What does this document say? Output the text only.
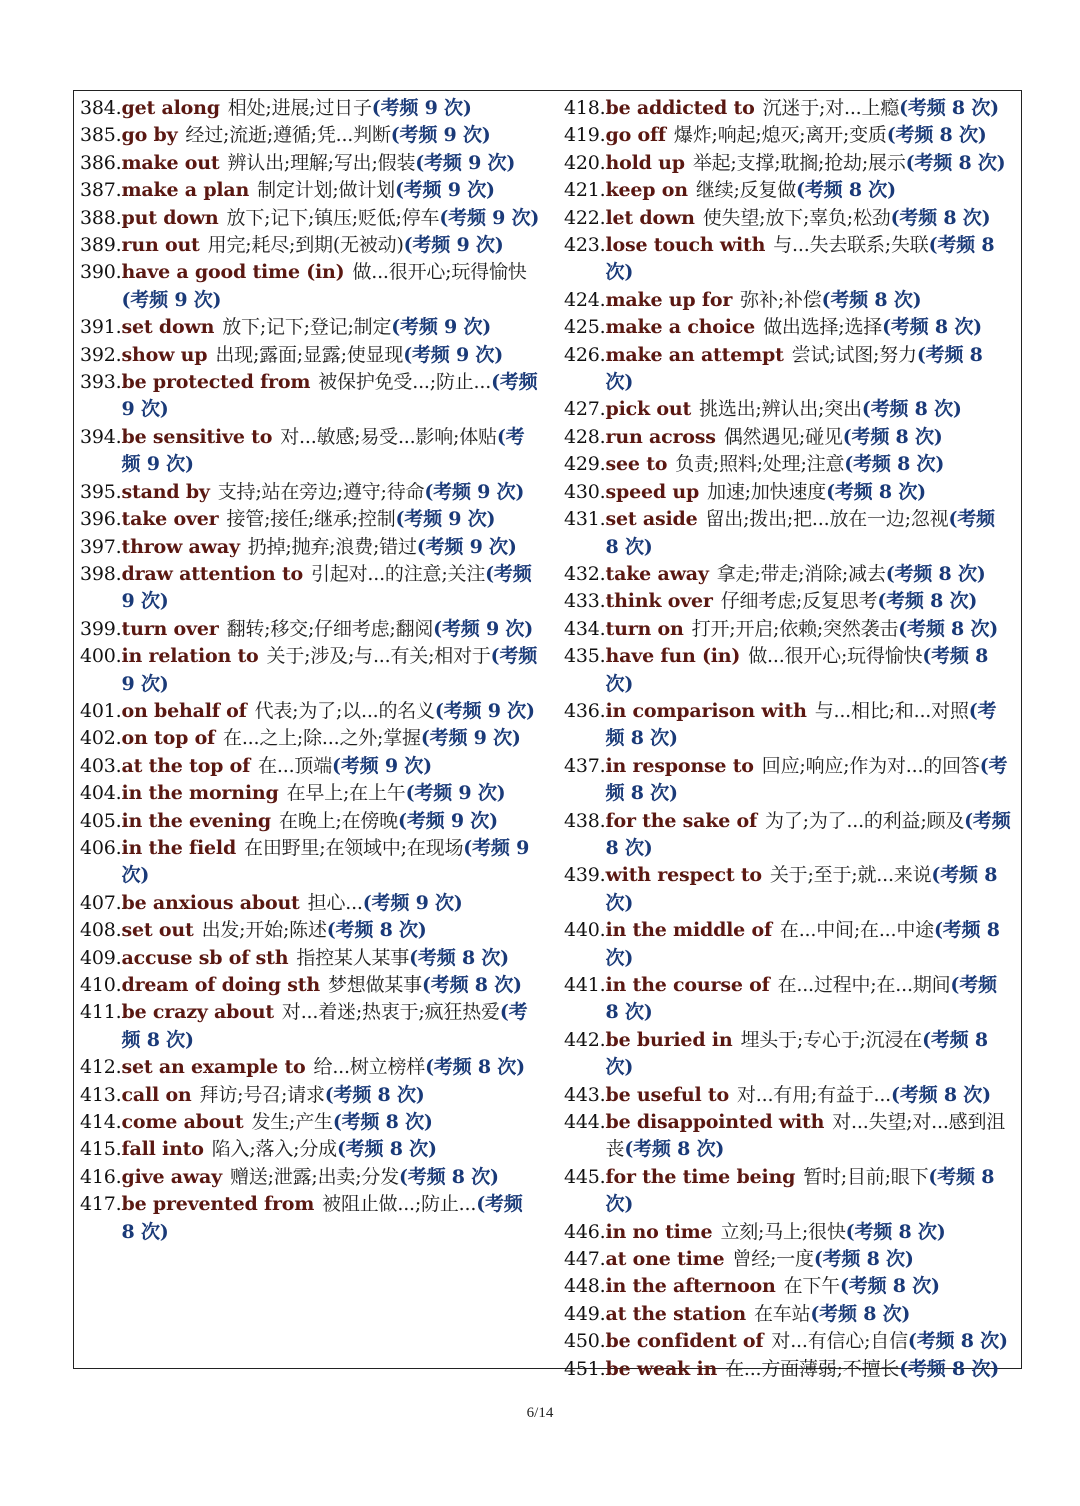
384. get along 相处;进展;过日子(考频 9 次)
385. go by 经过;流逝;遵循;凭...判断(考频 9 次)
386. make out 辨认出;理解;写出;假装(考频 9 次)
387. make a plan 制定计划;做计划(考频 9 次)
388. put down 放下;记下;镇压;贬低;停车(考频 9 次)
389. run out 用完;耗尽;到期(无被动)(考频 9 次)
390. have a good time (in) 做...很开心;玩得愉快(考频 9 次)
391. set down 放下;记下;登记;制定(考频 9 次)
392. show up 出现;露面;显露;使显现(考频 9 次)
393. be protected from 被保护免受...;防止...(考频 9 次)
394. be sensitive to 对...敏感;易受...影响;体贴(考频 9 次)
395. stand by 支持;站在旁边;遵守;待命(考频 9 次)
396. take over 接管;接任;继承;控制(考频 9 次)
397. throw away 扔掉;抛弃;浪费;错过(考频 9 次)
398. draw attention to 引起对...的注意;关注(考频 9 次)
399. turn over 翻转;移交;仔细考虑;翻阅(考频 9 次)
400. in relation to 关于;涉及;与...有关;相对于(考频 9 次)
401. on behalf of 代表;为了;以...的名义(考频 9 次)
402. on top of 在...之上;除...之外;掌握(考频 9 次)
403. at the top of 在...顶端(考频 9 次)
404. in the morning 在早上;在上午(考频 9 次)
405. in the evening 在晚上;在傍晚(考频 9 次)
406. in the field 在田野里;在领域中;在现场(考频 9 次)
407. be anxious about 担心...(考频 9 次)
408. set out 出发;开始;陈述(考频 8 次)
409. accuse sb of sth 指控某人某事(考频 8 次)
410. dream of doing sth 梦想做某事(考频 8 次)
411. be crazy about 对...着迷;热衷于;疯狂热爱(考频 8 次)
412. set an example to 给...树立榜样(考频 8 次)
413. call on 拜访;号召;请求(考频 8 次)
414. come about 发生;产生(考频 8 次)
415. fall into 陷入;落入;分成(考频 8 次)
416. give away 赠送;泄露;出卖;分发(考频 8 次)
417. be prevented from 被阻止做...;防止...(考频 8 次)
418. be addicted to 沉迷于;对...上瘾(考频 8 次)
419. go off 爆炸;响起;熄灭;离开;变质(考频 8 次)
420. hold up 举起;支撑;耽搁;抢劫;展示(考频 8 次)
421. keep on 继续;反复做(考频 8 次)
422. let down 使失望;放下;辜负;松劲(考频 8 次)
423. lose touch with 与...失去联系;失联(考频 8 次)
424. make up for 弥补;补偿(考频 8 次)
425. make a choice 做出选择;选择(考频 8 次)
426. make an attempt 尝试;试图;努力(考频 8 次)
427. pick out 挑选出;辨认出;突出(考频 8 次)
428. run across 偶然遇见;碰见(考频 8 次)
429. see to 负责;照料;处理;注意(考频 8 次)
430. speed up 加速;加快速度(考频 8 次)
431. set aside 留出;拨出;把...放在一边;忽视(考频 8 次)
432. take away 拿走;带走;消除;减去(考频 8 次)
433. think over 仔细考虑;反复思考(考频 8 次)
434. turn on 打开;开启;依赖;突然袭击(考频 8 次)
435. have fun (in) 做...很开心;玩得愉快(考频 8 次)
436. in comparison with 与...相比;和...对照(考频 8 次)
437. in response to 回应;响应;作为对...的回答(考频 8 次)
438. for the sake of 为了;为了...的利益;顾及(考频 8 次)
439. with respect to 关于;至于;就...来说(考频 8 次)
440. in the middle of 在...中间;在...中途(考频 8 次)
441. in the course of 在...过程中;在...期间(考频 8 次)
442. be buried in 埋头于;专心于;沉浸在(考频 8 次)
443. be useful to 对...有用;有益于...(考频 8 次)
444. be disappointed with 对...失望;对...感到沮丧(考频 8 次)
445. for the time being 暂时;目前;眼下(考频 8 次)
446. in no time 立刻;马上;很快(考频 8 次)
447. at one time 曾经;一度(考频 8 次)
448. in the afternoon 在下午(考频 8 次)
449. at the station 在车站(考频 8 次)
450. be confident of 对...有信心;自信(考频 8 次)
451. be weak in 在...方面薄弱;不擅长(考频 8 次)
6/14
